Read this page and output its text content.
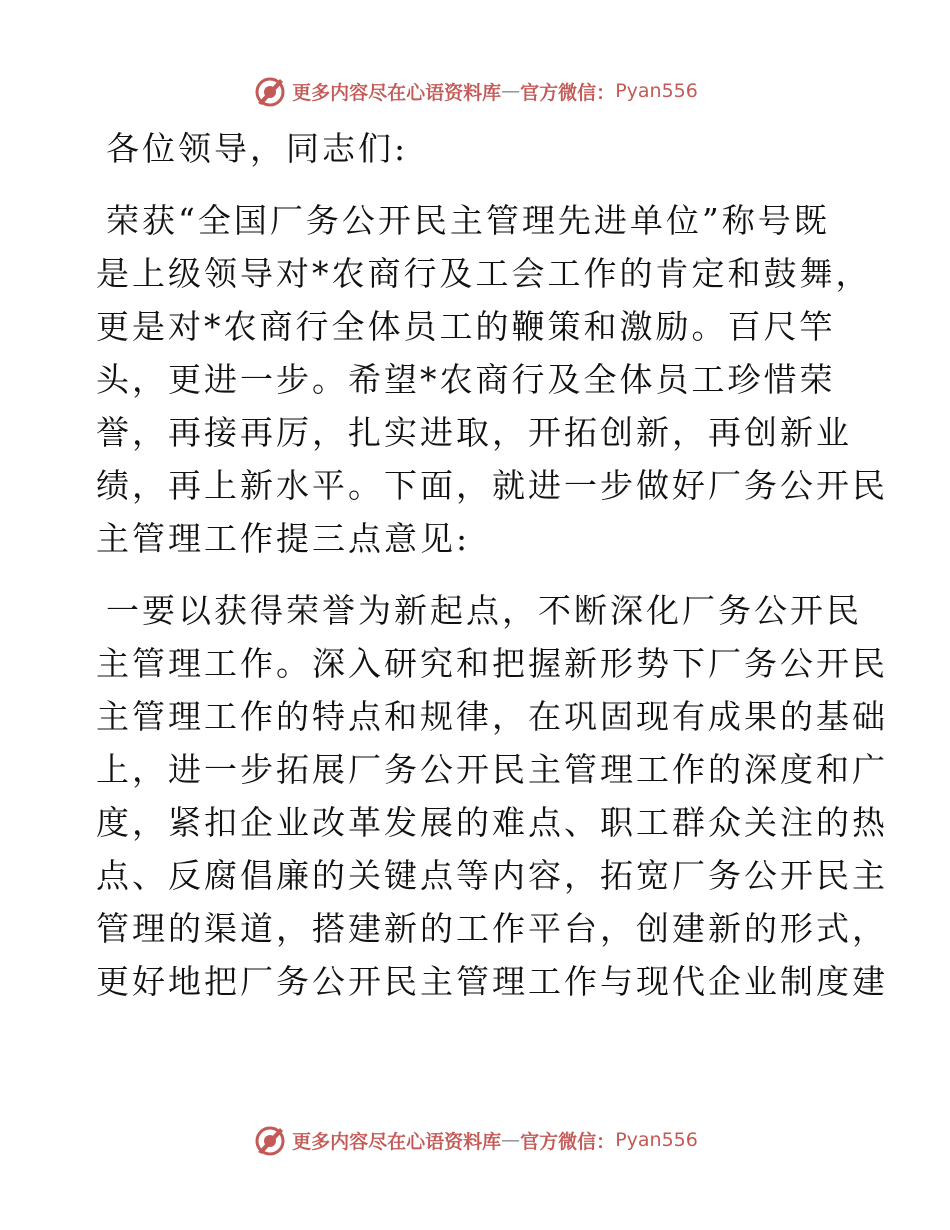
更多内容尽在心语资料库 — 官方微信： Pyan556

各位领导，同志们:

荣获“全国厂务公开民主管理先进单位”称号既
是上级领导对*农商行及工会工作的肯定和鼓舞，
更是对*农商行全体员工的鞭策和激励。百尺竿
头，更进一步。希望*农商行及全体员工珍惜荣
誉，再接再厉，扎实进取，开拓创新，再创新业
绩，再上新水平。下面，就进一步做好厂务公开民
主管理工作提三点意见:

一要以获得荣誉为新起点，不断深化厂务公开民
主管理工作。深入研究和把握新形势下厂务公开民
主管理工作的特点和规律，在巩固现有成果的基础
上，进一步拓展厂务公开民主管理工作的深度和广
度，紧扣企业改革发展的难点、职工群众关注的热
点、反腐倡廉的关键点等内容，拓宽厂务公开民主
管理的渠道，搭建新的工作平台，创建新的形式，
更好地把厂务公开民主管理工作与现代企业制度建

更多内容尽在心语资料库 — 官方微信： Pyan556
